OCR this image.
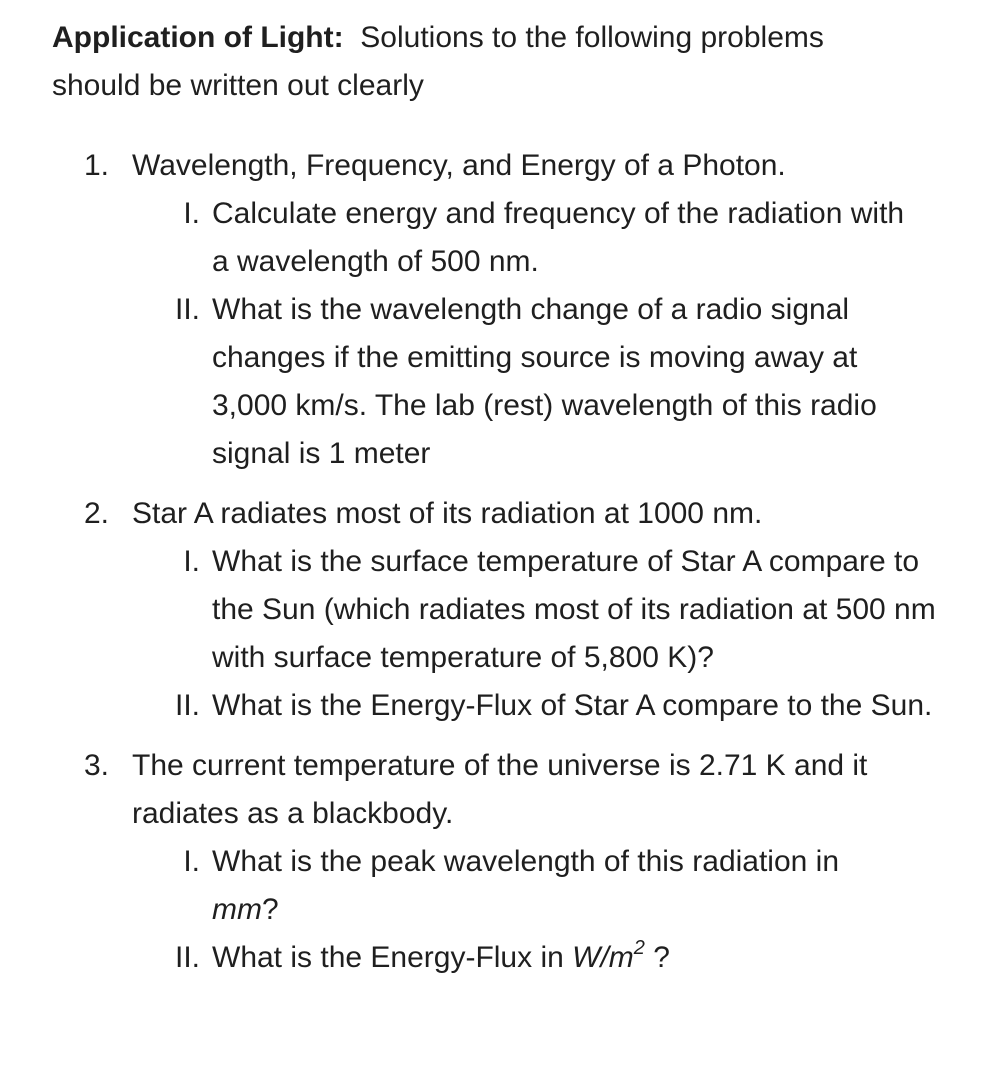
Application of Light: Solutions to the following problems should be written out clearly

1. Wavelength, Frequency, and Energy of a Photon.
I. Calculate energy and frequency of the radiation with a wavelength of 500 nm.
II. What is the wavelength change of a radio signal changes if the emitting source is moving away at 3,000 km/s. The lab (rest) wavelength of this radio signal is 1 meter
2. Star A radiates most of its radiation at 1000 nm.
I. What is the surface temperature of Star A compare to the Sun (which radiates most of its radiation at 500 nm with surface temperature of 5,800 K)?
II. What is the Energy-Flux of Star A compare to the Sun.
3. The current temperature of the universe is 2.71 K and it radiates as a blackbody.
I. What is the peak wavelength of this radiation in mm?
II. What is the Energy-Flux in $W/m^2$ ?
